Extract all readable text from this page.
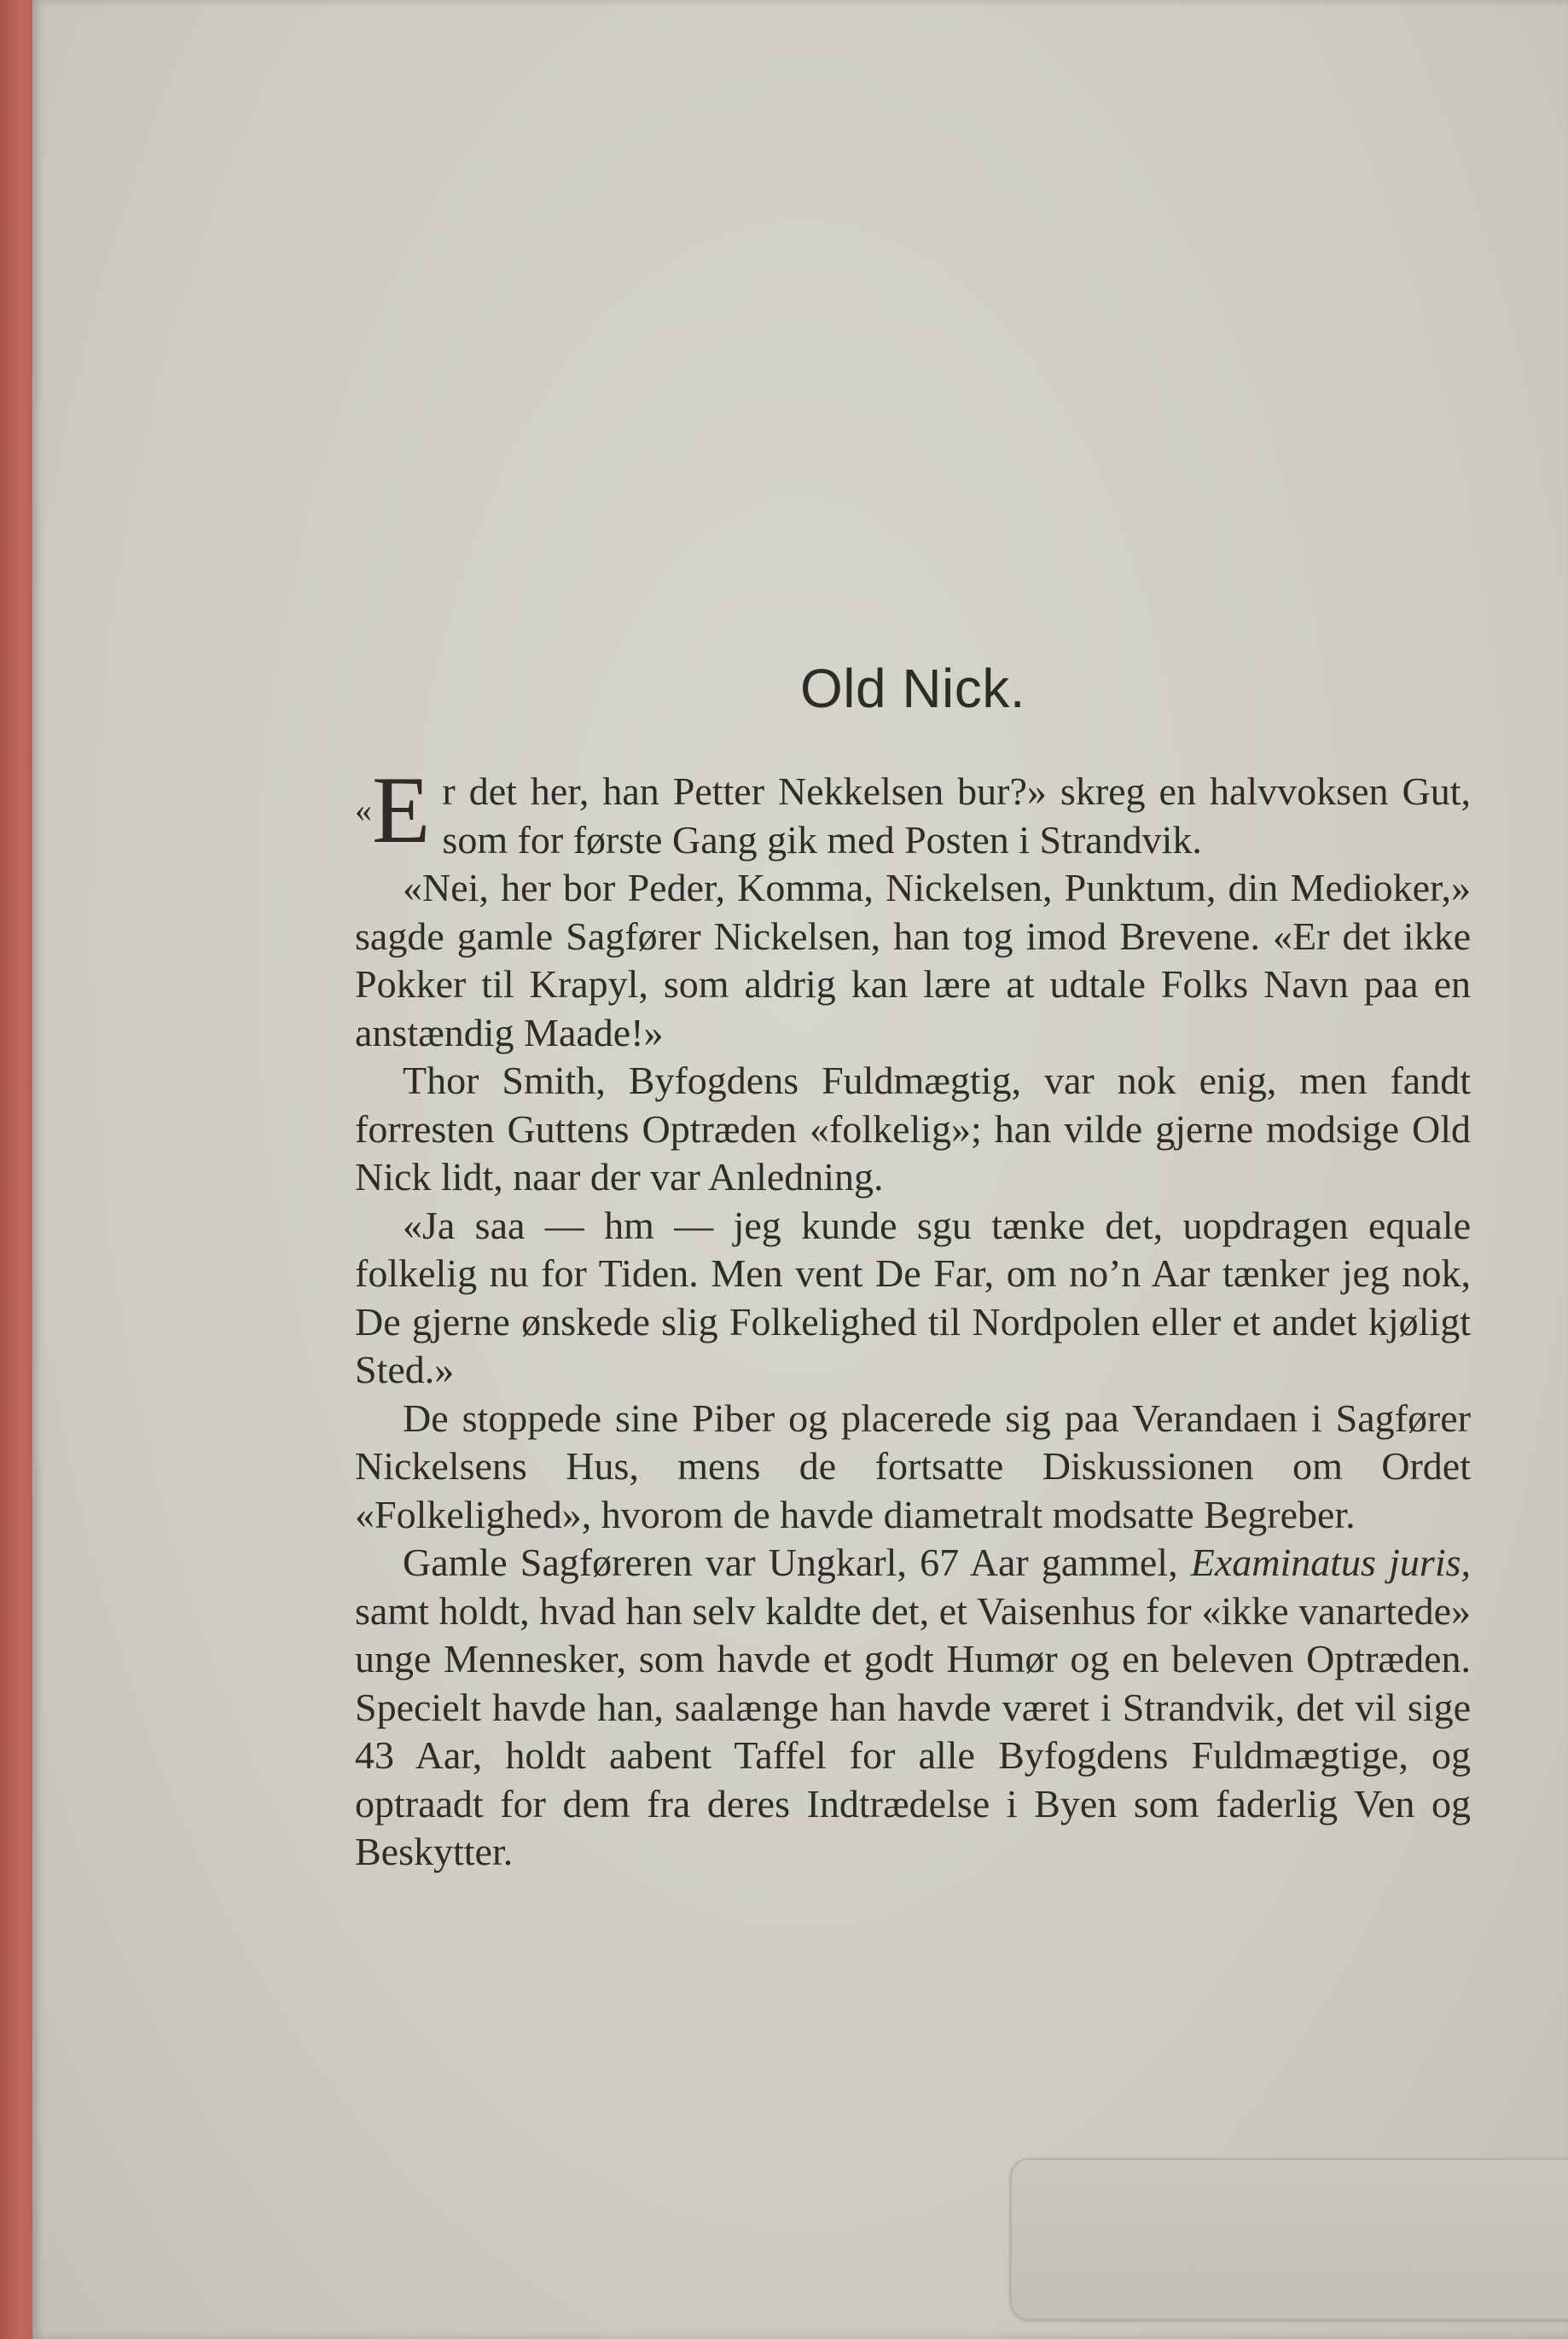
Old Nick.

«E r det her, han Petter Nekkelsen bur?» skreg en halvvoksen Gut, som for første Gang gik med Posten i Strandvik.

«Nei, her bor Peder, Komma, Nickelsen, Punktum, din Medioker,» sagde gamle Sagfører Nickelsen, han tog imod Brevene. «Er det ikke Pokker til Krapyl, som aldrig kan lære at udtale Folks Navn paa en anstændig Maade!»

Thor Smith, Byfogdens Fuldmægtig, var nok enig, men fandt forresten Guttens Optræden «folkelig»; han vilde gjerne modsige Old Nick lidt, naar der var Anledning.

«Ja saa — hm — jeg kunde sgu tænke det, uopdragen equale folkelig nu for Tiden. Men vent De Far, om no’n Aar tænker jeg nok, De gjerne ønskede slig Folkelighed til Nordpolen eller et andet kjøligt Sted.»

De stoppede sine Piber og placerede sig paa Verandaen i Sagfører Nickelsens Hus, mens de fortsatte Diskussionen om Ordet «Folkelighed», hvorom de havde diametralt modsatte Begreber.

Gamle Sagføreren var Ungkarl, 67 Aar gammel, Examinatus juris, samt holdt, hvad han selv kaldte det, et Vaisenhus for «ikke vanartede» unge Mennesker, som havde et godt Humør og en beleven Optræden. Specielt havde han, saalænge han havde været i Strandvik, det vil sige 43 Aar, holdt aabent Taffel for alle Byfogdens Fuldmægtige, og optraadt for dem fra deres Indtrædelse i Byen som faderlig Ven og Beskytter.
